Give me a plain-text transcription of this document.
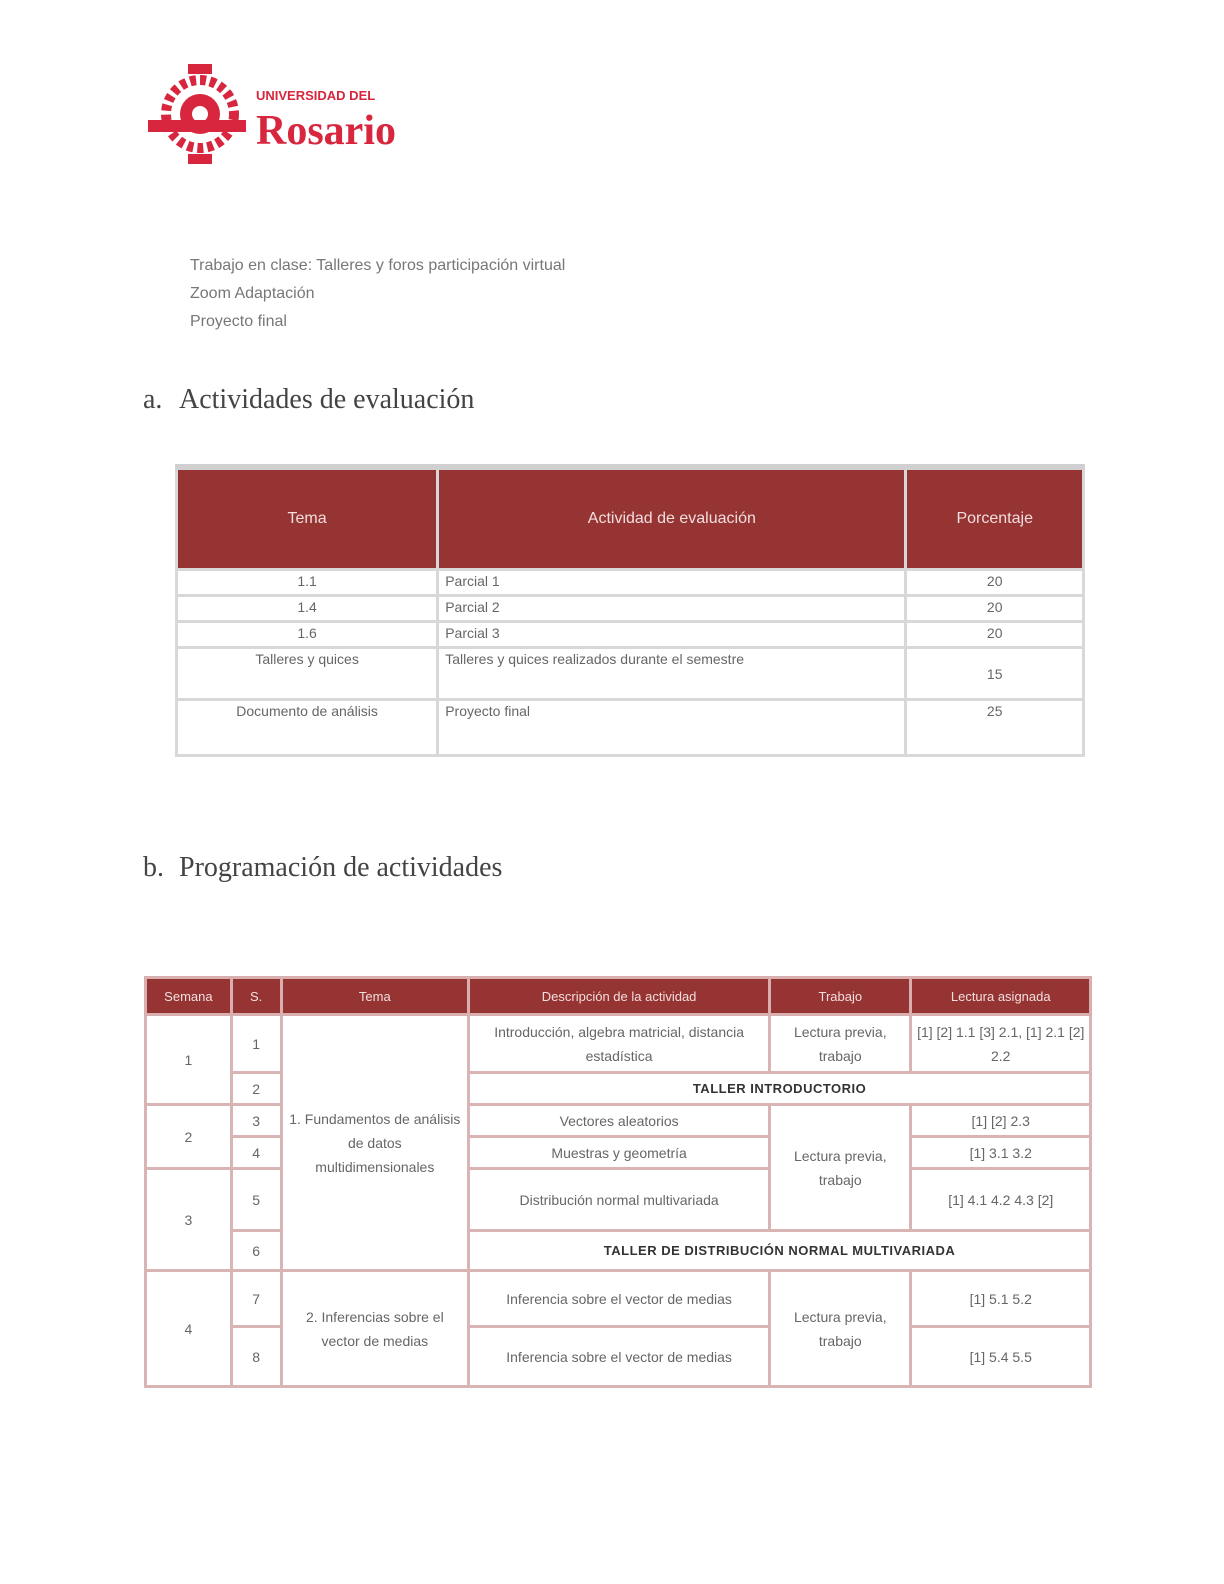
UNIVERSIDAD DEL
Rosario
Trabajo en clase: Talleres y foros participación virtual
Zoom Adaptación
Proyecto final
a. Actividades de evaluación
Tema	Actividad de evaluación	Porcentaje
1.1	Parcial 1	20
1.4	Parcial 2	20
1.6	Parcial 3	20
Talleres y quices	Talleres y quices realizados durante el semestre	15
Documento de análisis	Proyecto final	25
b. Programación de actividades
Semana	S.	Tema	Descripción de la actividad	Trabajo	Lectura asignada
1	1	1. Fundamentos de análisis de datos multidimensionales	Introducción, algebra matricial, distancia estadística	Lectura previa, trabajo	[1] [2] 1.1 [3] 2.1, [1] 2.1 [2] 2.2
	2		TALLER INTRODUCTORIO		
2	3		Vectores aleatorios	Lectura previa, trabajo	[1] [2] 2.3
	4		Muestras y geometría		[1] 3.1 3.2
3	5		Distribución normal multivariada		[1] 4.1 4.2 4.3 [2]
	6		TALLER DE DISTRIBUCIÓN NORMAL MULTIVARIADA		
4	7	2. Inferencias sobre el vector de medias	Inferencia sobre el vector de medias	Lectura previa, trabajo	[1] 5.1 5.2
	8		Inferencia sobre el vector de medias		[1] 5.4 5.5
